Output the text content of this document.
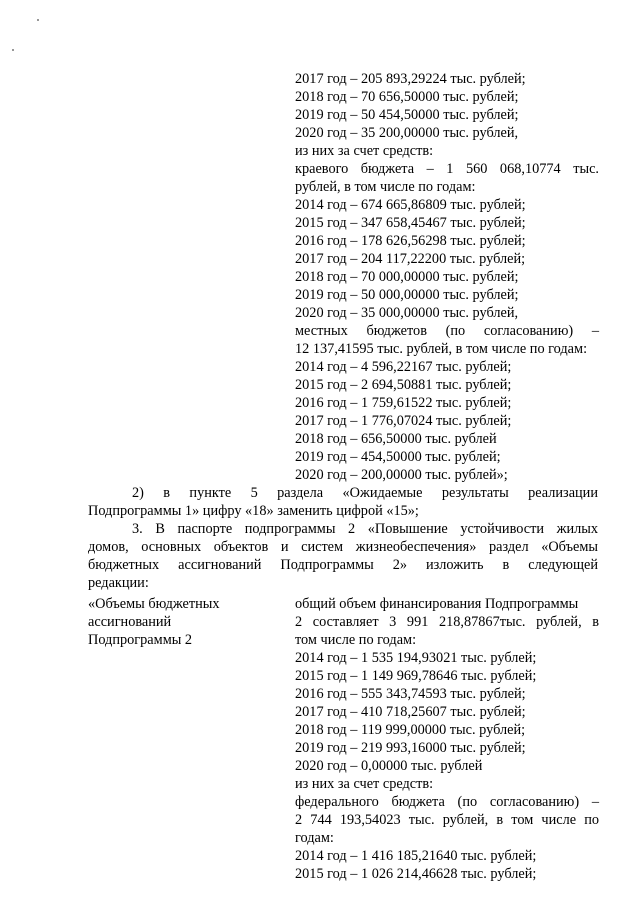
2017 год – 205 893,29224 тыс. рублей;
2018 год – 70 656,50000 тыс. рублей;
2019 год – 50 454,50000 тыс. рублей;
2020 год – 35 200,00000 тыс. рублей,
из них за счет средств:
краевого бюджета – 1 560 068,10774 тыс.
рублей, в том числе по годам:
2014 год – 674 665,86809 тыс. рублей;
2015 год – 347 658,45467 тыс. рублей;
2016 год – 178 626,56298 тыс. рублей;
2017 год – 204 117,22200 тыс. рублей;
2018 год – 70 000,00000 тыс. рублей;
2019 год – 50 000,00000 тыс. рублей;
2020 год – 35 000,00000 тыс. рублей,
местных бюджетов (по согласованию) –
12 137,41595 тыс. рублей, в том числе по годам:
2014 год – 4 596,22167 тыс. рублей;
2015 год – 2 694,50881 тыс. рублей;
2016 год – 1 759,61522 тыс. рублей;
2017 год – 1 776,07024 тыс. рублей;
2018 год – 656,50000 тыс. рублей
2019 год – 454,50000 тыс. рублей;
2020 год – 200,00000 тыс. рублей»;
2) в пункте 5 раздела «Ожидаемые результаты реализации
Подпрограммы 1» цифру «18» заменить цифрой «15»;
3. В паспорте подпрограммы 2 «Повышение устойчивости жилых
домов, основных объектов и систем жизнеобеспечения» раздел «Объемы
бюджетных ассигнований Подпрограммы 2» изложить в следующей
редакции:
«Объемы бюджетных
ассигнований
Подпрограммы 2
общий объем финансирования Подпрограммы
2 составляет 3 991 218,87867тыс. рублей, в
том числе по годам:
2014 год – 1 535 194,93021 тыс. рублей;
2015 год – 1 149 969,78646 тыс. рублей;
2016 год – 555 343,74593 тыс. рублей;
2017 год – 410 718,25607 тыс. рублей;
2018 год – 119 999,00000 тыс. рублей;
2019 год – 219 993,16000 тыс. рублей;
2020 год – 0,00000 тыс. рублей
из них за счет средств:
федерального бюджета (по согласованию) –
2 744 193,54023 тыс. рублей, в том числе по
годам:
2014 год – 1 416 185,21640 тыс. рублей;
2015 год – 1 026 214,46628 тыс. рублей;
